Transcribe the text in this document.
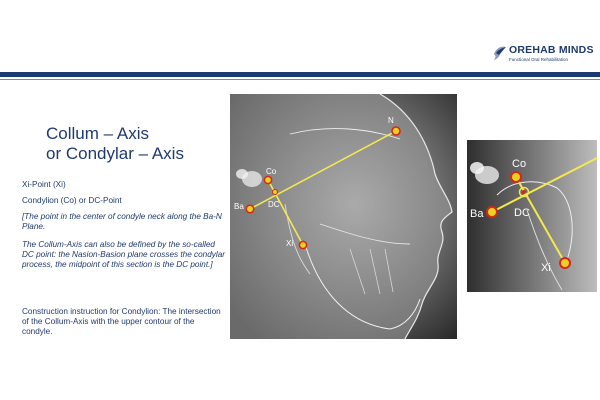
OREHAB MINDS
Functional Oral Rehabilitation
Collum – Axis
or Condylar – Axis
Xi-Point (Xi)
Condylion (Co) or DC-Point
[The point in the center of condyle neck along the Ba-N Plane.
The Collum-Axis can also be defined by the so-called DC point: the Nasion-Basion plane crosses the condylar process, the midpoint of this section is the DC point.]
Construction instruction for Condylion: The intersection of the Collum-Axis with the upper contour of the condyle.
N
Co
Ba	DC
Xi
Co
Ba	DC
Xi
